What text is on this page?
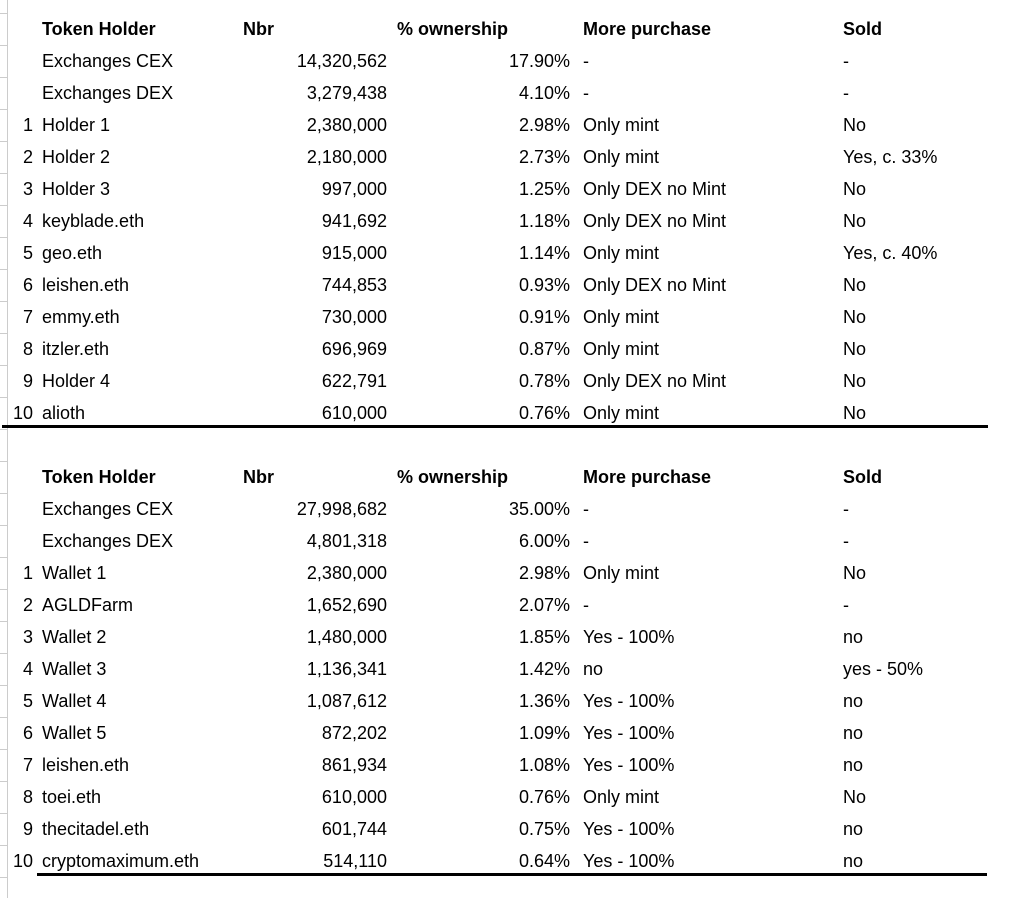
Token Holder	Nbr	% ownership	More purchase	Sold
Exchanges CEX	14,320,562	17.90% -	-
Exchanges DEX	3,279,438	4.10% -	-
1 Holder 1	2,380,000	2.98% Only mint	No
2 Holder 2	2,180,000	2.73% Only mint	Yes, c. 33%
3 Holder 3	997,000	1.25% Only DEX no Mint	No
4 keyblade.eth	941,692	1.18% Only DEX no Mint	No
5 geo.eth	915,000	1.14% Only mint	Yes, c. 40%
6 leishen.eth	744,853	0.93% Only DEX no Mint	No
7 emmy.eth	730,000	0.91% Only mint	No
8 itzler.eth	696,969	0.87% Only mint	No
9 Holder 4	622,791	0.78% Only DEX no Mint	No
10 alioth	610,000	0.76% Only mint	No
Token Holder	Nbr	% ownership	More purchase	Sold
Exchanges CEX	27,998,682	35.00% -	-
Exchanges DEX	4,801,318	6.00% -	-
1 Wallet 1	2,380,000	2.98% Only mint	No
2 AGLDFarm	1,652,690	2.07% -	-
3 Wallet 2	1,480,000	1.85% Yes - 100%	no
4 Wallet 3	1,136,341	1.42% no	yes - 50%
5 Wallet 4	1,087,612	1.36% Yes - 100%	no
6 Wallet 5	872,202	1.09% Yes - 100%	no
7 leishen.eth	861,934	1.08% Yes - 100%	no
8 toei.eth	610,000	0.76% Only mint	No
9 thecitadel.eth	601,744	0.75% Yes - 100%	no
10 cryptomaximum.eth	514,110	0.64% Yes - 100%	no
